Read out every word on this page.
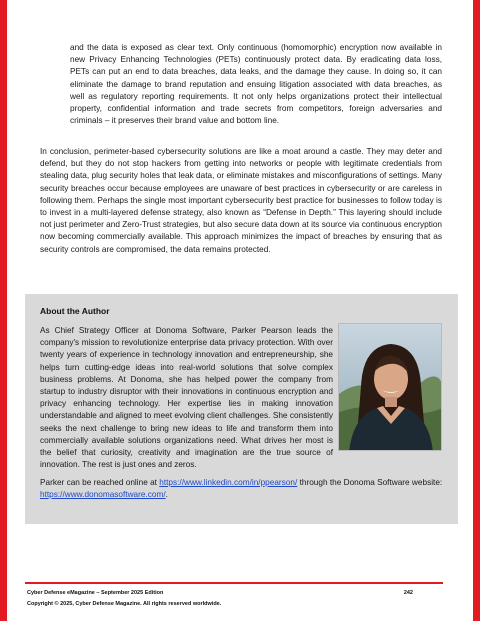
and the data is exposed as clear text. Only continuous (homomorphic) encryption now available in new Privacy Enhancing Technologies (PETs) continuously protect data. By eradicating data loss, PETs can put an end to data breaches, data leaks, and the damage they cause. In doing so, it can eliminate the damage to brand reputation and ensuing litigation associated with data breaches, as well as regulatory reporting requirements. It not only helps organizations protect their intellectual property, confidential information and trade secrets from competitors, foreign adversaries and criminals – it preserves their brand value and bottom line.

In conclusion, perimeter-based cybersecurity solutions are like a moat around a castle. They may deter and defend, but they do not stop hackers from getting into networks or people with legitimate credentials from stealing data, plug security holes that leak data, or eliminate mistakes and misconfigurations of settings. Many security breaches occur because employees are unaware of best practices in cybersecurity or are careless in following them. Perhaps the single most important cybersecurity best practice for businesses to follow today is to invest in a multi-layered defense strategy, also known as “Defense in Depth.” This layering should include not just perimeter and Zero-Trust strategies, but also secure data down at its source via continuous encryption now becoming commercially available. This approach minimizes the impact of breaches by ensuring that as security controls are compromised, the data remains protected.

About the Author

As Chief Strategy Officer at Donoma Software, Parker Pearson leads the company's mission to revolutionize enterprise data privacy protection. With over twenty years of experience in technology innovation and entrepreneurship, she helps turn cutting-edge ideas into real-world solutions that solve complex business problems. At Donoma, she has helped power the company from startup to industry disruptor with their innovations in continuous encryption and privacy enhancing technology. Her expertise lies in making innovation understandable and aligned to meet evolving client challenges. She consistently seeks the next challenge to bring new ideas to life and transform them into commercially available solutions organizations need. What drives her most is the belief that curiosity, creativity and imagination are the true source of innovation. The rest is just ones and zeros.

Parker can be reached online at https://www.linkedin.com/in/ppearson/ through the Donoma Software website: https://www.donomasoftware.com/.

Cyber Defense eMagazine – September 2025 Edition	242
Copyright © 2025, Cyber Defense Magazine. All rights reserved worldwide.
